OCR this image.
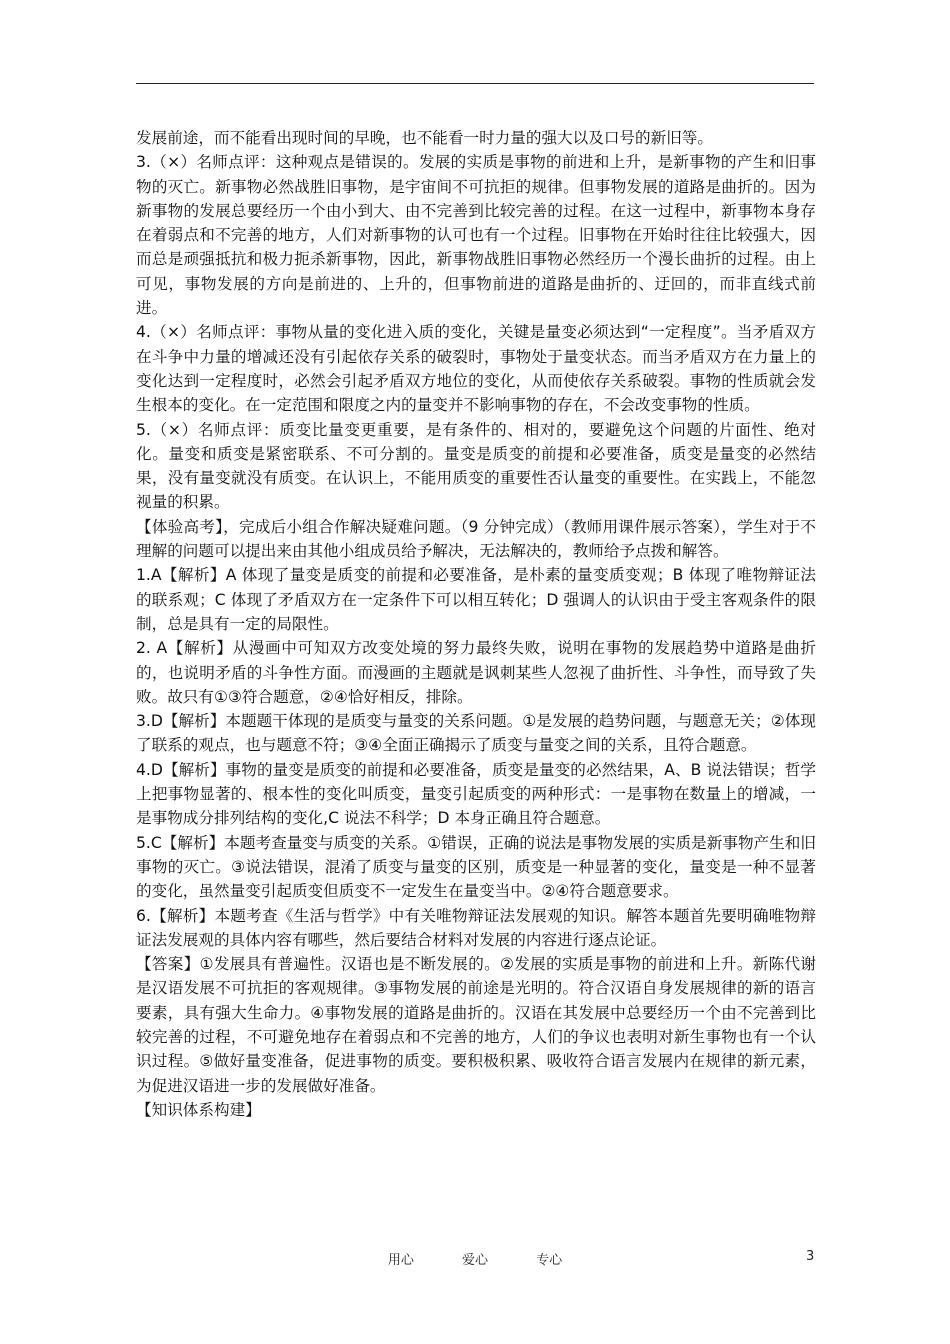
发展前途，而不能看出现时间的早晚，也不能看一时力量的强大以及口号的新旧等。

3.（×）名师点评：这种观点是错误的。发展的实质是事物的前进和上升，是新事物的产生和旧事物的灭亡。新事物必然战胜旧事物，是宇宙间不可抗拒的规律。但事物发展的道路是曲折的。因为新事物的发展总要经历一个由小到大、由不完善到比较完善的过程。在这一过程中，新事物本身存在着弱点和不完善的地方，人们对新事物的认可也有一个过程。旧事物在开始时往往比较强大，因而总是顽强抵抗和极力扼杀新事物，因此，新事物战胜旧事物必然经历一个漫长曲折的过程。由上可见，事物发展的方向是前进的、上升的，但事物前进的道路是曲折的、迂回的，而非直线式前进。

4.（×）名师点评：事物从量的变化进入质的变化，关键是量变必须达到“一定程度”。当矛盾双方在斗争中力量的增减还没有引起依存关系的破裂时，事物处于量变状态。而当矛盾双方在力量上的变化达到一定程度时，必然会引起矛盾双方地位的变化，从而使依存关系破裂。事物的性质就会发生根本的变化。在一定范围和限度之内的量变并不影响事物的存在，不会改变事物的性质。

5.（×）名师点评：质变比量变更重要，是有条件的、相对的，要避免这个问题的片面性、绝对化。量变和质变是紧密联系、不可分割的。量变是质变的前提和必要准备，质变是量变的必然结果，没有量变就没有质变。在认识上，不能用质变的重要性否认量变的重要性。在实践上，不能忽视量的积累。

【体验高考】，完成后小组合作解决疑难问题。（9 分钟完成）（教师用课件展示答案），学生对于不理解的问题可以提出来由其他小组成员给予解决，无法解决的，教师给予点拨和解答。

1.A【解析】A 体现了量变是质变的前提和必要准备，是朴素的量变质变观；B 体现了唯物辩证法的联系观；C 体现了矛盾双方在一定条件下可以相互转化；D 强调人的认识由于受主客观条件的限制，总是具有一定的局限性。

2. A【解析】从漫画中可知双方改变处境的努力最终失败，说明在事物的发展趋势中道路是曲折的，也说明矛盾的斗争性方面。而漫画的主题就是讽刺某些人忽视了曲折性、斗争性，而导致了失败。故只有①③符合题意，②④恰好相反，排除。

3.D【解析】本题题干体现的是质变与量变的关系问题。①是发展的趋势问题，与题意无关；②体现了联系的观点，也与题意不符；③④全面正确揭示了质变与量变之间的关系，且符合题意。

4.D【解析】事物的量变是质变的前提和必要准备，质变是量变的必然结果，A、B 说法错误；哲学上把事物显著的、根本性的变化叫质变，量变引起质变的两种形式：一是事物在数量上的增减，一是事物成分排列结构的变化,C 说法不科学；D 本身正确且符合题意。

5.C【解析】本题考查量变与质变的关系。①错误，正确的说法是事物发展的实质是新事物产生和旧事物的灭亡。③说法错误，混淆了质变与量变的区别，质变是一种显著的变化，量变是一种不显著的变化，虽然量变引起质变但质变不一定发生在量变当中。②④符合题意要求。

6.【解析】本题考查《生活与哲学》中有关唯物辩证法发展观的知识。解答本题首先要明确唯物辩证法发展观的具体内容有哪些，然后要结合材料对发展的内容进行逐点论证。

【答案】①发展具有普遍性。汉语也是不断发展的。②发展的实质是事物的前进和上升。新陈代谢是汉语发展不可抗拒的客观规律。③事物发展的前途是光明的。符合汉语自身发展规律的新的语言要素，具有强大生命力。④事物发展的道路是曲折的。汉语在其发展中总要经历一个由不完善到比较完善的过程，不可避免地存在着弱点和不完善的地方，人们的争议也表明对新生事物也有一个认识过程。⑤做好量变准备，促进事物的质变。要积极积累、吸收符合语言发展内在规律的新元素，为促进汉语进一步的发展做好准备。

【知识体系构建】

用心	爱心	专心	3
